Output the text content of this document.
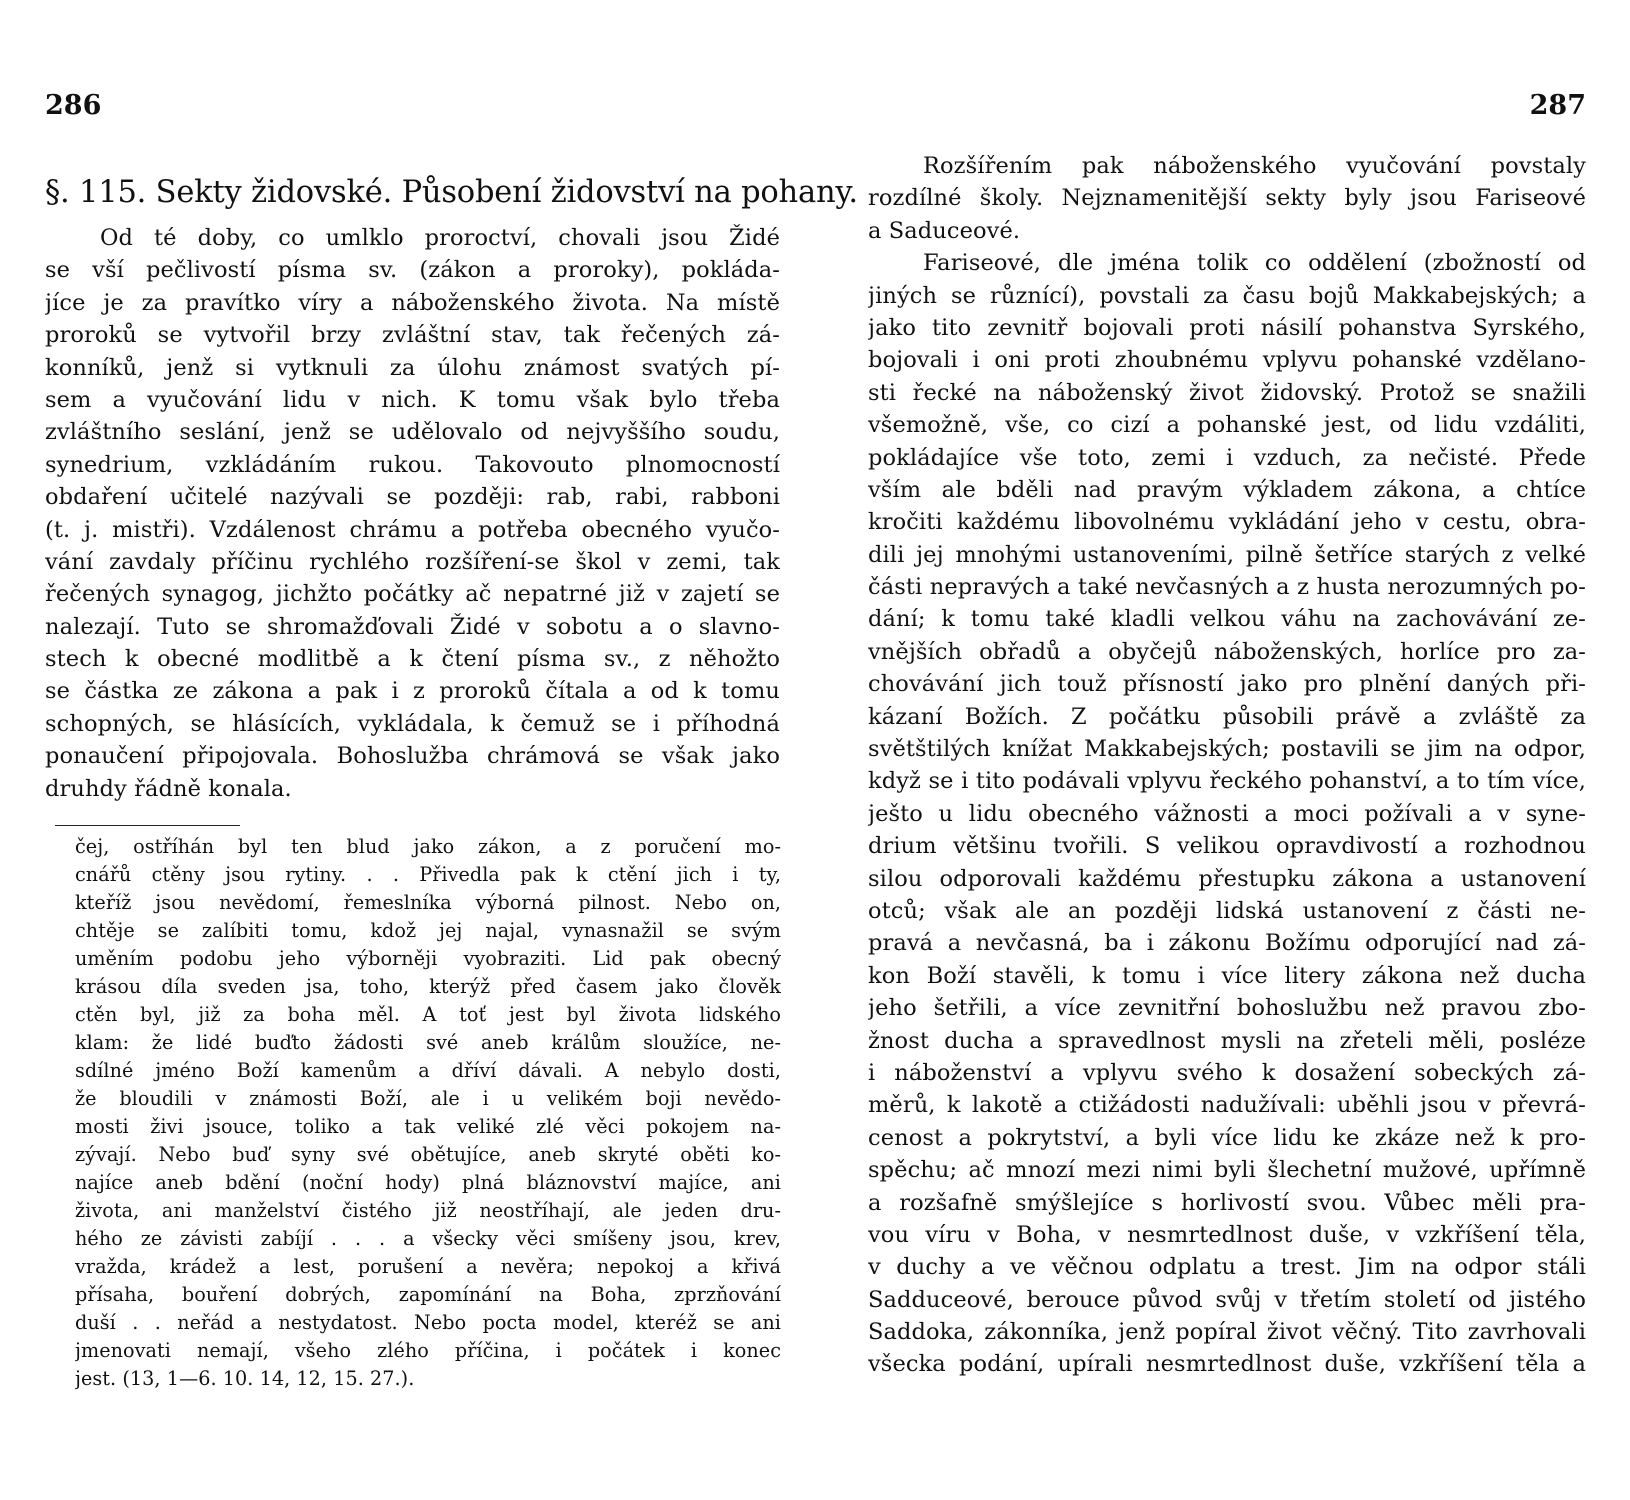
286
§. 115. Sekty židovské. Působení židovství na pohany.
Od té doby, co umlklo proroctví, chovali jsou Židé
se vší pečlivostí písma sv. (zákon a proroky), pokláda-
jíce je za pravítko víry a náboženského života. Na místě
proroků se vytvořil brzy zvláštní stav, tak řečených zá-
konníků, jenž si vytknuli za úlohu známost svatých pí-
sem a vyučování lidu v nich. K tomu však bylo třeba
zvláštního seslání, jenž se udělovalo od nejvyššího soudu,
synedrium, vzkládáním rukou. Takovouto plnomocností
obdaření učitelé nazývali se později: rab, rabi, rabboni
(t. j. mistři). Vzdálenost chrámu a potřeba obecného vyučo-
vání zavdaly příčinu rychlého rozšíření-se škol v zemi, tak
řečených synagog, jichžto počátky ač nepatrné již v zajetí se
nalezají. Tuto se shromažďovali Židé v sobotu a o slavno-
stech k obecné modlitbě a k čtení písma sv., z něhožto
se částka ze zákona a pak i z proroků čítala a od k tomu
schopných, se hlásících, vykládala, k čemuž se i příhodná
ponaučení připojovala. Bohoslužba chrámová se však jako
druhdy řádně konala.
čej, ostříhán byl ten blud jako zákon, a z poručení mo-
cnářů ctěny jsou rytiny. . . Přivedla pak k ctění jich i ty,
kteříž jsou nevědomí, řemeslníka výborná pilnost. Nebo on,
chtěje se zalíbiti tomu, kdož jej najal, vynasnažil se svým
uměním podobu jeho výborněji vyobraziti. Lid pak obecný
krásou díla sveden jsa, toho, kterýž před časem jako člověk
ctěn byl, již za boha měl. A toť jest byl života lidského
klam: že lidé buďto žádosti své aneb králům sloužíce, ne-
sdílné jméno Boží kamenům a dříví dávali. A nebylo dosti,
že bloudili v známosti Boží, ale i u velikém boji nevědo-
mosti živi jsouce, toliko a tak veliké zlé věci pokojem na-
zývají. Nebo buď syny své obětujíce, aneb skryté oběti ko-
najíce aneb bdění (noční hody) plná bláznovství majíce, ani
života, ani manželství čistého již neostříhají, ale jeden dru-
hého ze závisti zabíjí . . . a všecky věci smíšeny jsou, krev,
vražda, krádež a lest, porušení a nevěra; nepokoj a křivá
přísaha, bouření dobrých, zapomínání na Boha, zprzňování
duší . . neřád a nestydatost. Nebo pocta model, kteréž se ani
jmenovati nemají, všeho zlého příčina, i počátek i konec
jest. (13, 1—6. 10. 14, 12, 15. 27.).
287
Rozšířením pak náboženského vyučování povstaly
rozdílné školy. Nejznamenitější sekty byly jsou Fariseové
a Saduceové.
Fariseové, dle jména tolik co oddělení (zbožností od
jiných se různící), povstali za času bojů Makkabejských; a
jako tito zevnitř bojovali proti násilí pohanstva Syrského,
bojovali i oni proti zhoubnému vplyvu pohanské vzdělano-
sti řecké na náboženský život židovský. Protož se snažili
všemožně, vše, co cizí a pohanské jest, od lidu vzdáliti,
pokládajíce vše toto, zemi i vzduch, za nečisté. Přede
vším ale bděli nad pravým výkladem zákona, a chtíce
kročiti každému libovolnému vykládání jeho v cestu, obra-
dili jej mnohými ustanoveními, pilně šetříce starých z velké
části nepravých a také nevčasných a z husta nerozumných po-
dání; k tomu také kladli velkou váhu na zachovávání ze-
vnějších obřadů a obyčejů náboženských, horlíce pro za-
chovávání jich touž přísností jako pro plnění daných při-
kázaní Božích. Z počátku působili právě a zvláště za
světštilých knížat Makkabejských; postavili se jim na odpor,
když se i tito podávali vplyvu řeckého pohanství, a to tím více,
ješto u lidu obecného vážnosti a moci požívali a v syne-
drium většinu tvořili. S velikou opravdivostí a rozhodnou
silou odporovali každému přestupku zákona a ustanovení
otců; však ale an později lidská ustanovení z části ne-
pravá a nevčasná, ba i zákonu Božímu odporující nad zá-
kon Boží stavěli, k tomu i více litery zákona než ducha
jeho šetřili, a více zevnitřní bohoslužbu než pravou zbo-
žnost ducha a spravedlnost mysli na zřeteli měli, posléze
i náboženství a vplyvu svého k dosažení sobeckých zá-
měrů, k lakotě a ctižádosti nadužívali: uběhli jsou v převrá-
cenost a pokrytství, a byli více lidu ke zkáze než k pro-
spěchu; ač mnozí mezi nimi byli šlechetní mužové, upřímně
a rozšafně smýšlejíce s horlivostí svou. Vůbec měli pra-
vou víru v Boha, v nesmrtedlnost duše, v vzkříšení těla,
v duchy a ve věčnou odplatu a trest. Jim na odpor stáli
Sadduceové, berouce původ svůj v třetím století od jistého
Saddoka, zákonníka, jenž popíral život věčný. Tito zavrhovali
všecka podání, upírali nesmrtedlnost duše, vzkříšení těla a
